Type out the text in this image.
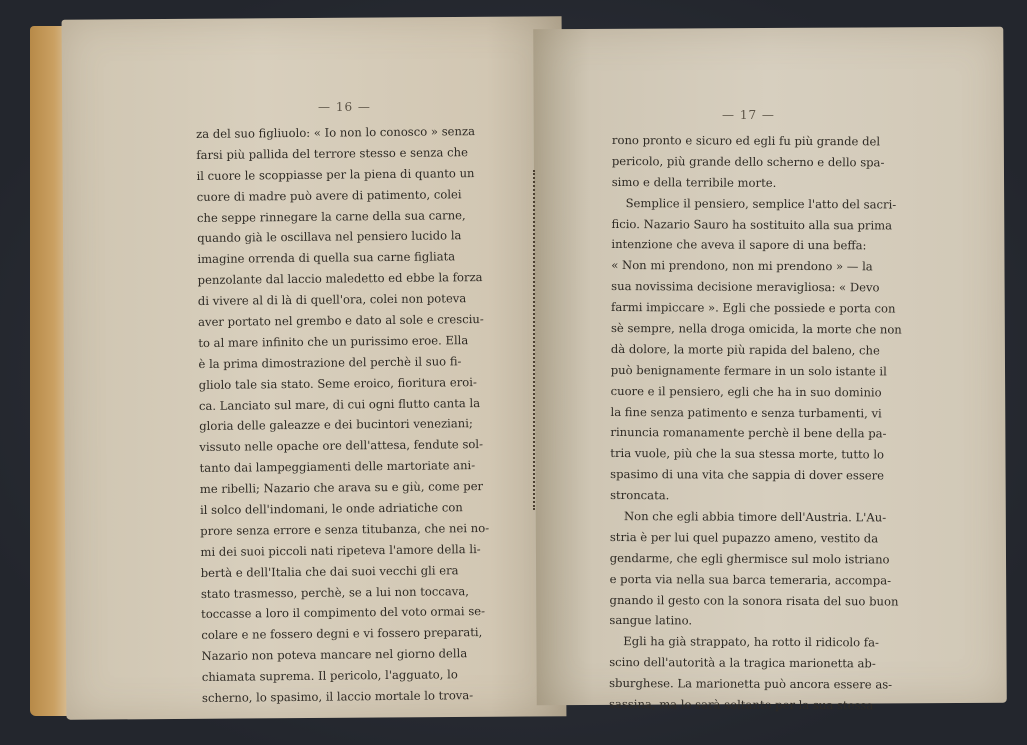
— 16 —
— 17 —
za del suo figliuolo: « Io non lo conosco » senza
farsi più pallida del terrore stesso e senza che
il cuore le scoppiasse per la piena di quanto un
cuore di madre può avere di patimento, colei
che seppe rinnegare la carne della sua carne,
quando già le oscillava nel pensiero lucido la
imagine orrenda di quella sua carne figliata
penzolante dal laccio maledetto ed ebbe la forza
di vivere al di là di quell'ora, colei non poteva
aver portato nel grembo e dato al sole e cresciu-
to al mare infinito che un purissimo eroe. Ella
è la prima dimostrazione del perchè il suo fi-
gliolo tale sia stato. Seme eroico, fioritura eroi-
ca. Lanciato sul mare, di cui ogni flutto canta la
gloria delle galeazze e dei bucintori veneziani;
vissuto nelle opache ore dell'attesa, fendute sol-
tanto dai lampeggiamenti delle martoriate ani-
me ribelli; Nazario che arava su e giù, come per
il solco dell'indomani, le onde adriatiche con
prore senza errore e senza titubanza, che nei no-
mi dei suoi piccoli nati ripeteva l'amore della li-
bertà e dell'Italia che dai suoi vecchi gli era
stato trasmesso, perchè, se a lui non toccava,
toccasse a loro il compimento del voto ormai se-
colare e ne fossero degni e vi fossero preparati,
Nazario non poteva mancare nel giorno della
chiamata suprema. Il pericolo, l'agguato, lo
scherno, lo spasimo, il laccio mortale lo trova-
rono pronto e sicuro ed egli fu più grande del
pericolo, più grande dello scherno e dello spa-
simo e della terribile morte.
Semplice il pensiero, semplice l'atto del sacri-
ficio. Nazario Sauro ha sostituito alla sua prima
intenzione che aveva il sapore di una beffa:
« Non mi prendono, non mi prendono » — la
sua novissima decisione meravigliosa: « Devo
farmi impiccare ». Egli che possiede e porta con
sè sempre, nella droga omicida, la morte che non
dà dolore, la morte più rapida del baleno, che
può benignamente fermare in un solo istante il
cuore e il pensiero, egli che ha in suo dominio
la fine senza patimento e senza turbamenti, vi
rinuncia romanamente perchè il bene della pa-
tria vuole, più che la sua stessa morte, tutto lo
spasimo di una vita che sappia di dover essere
stroncata.
Non che egli abbia timore dell'Austria. L'Au-
stria è per lui quel pupazzo ameno, vestito da
gendarme, che egli ghermisce sul molo istriano
e porta via nella sua barca temeraria, accompa-
gnando il gesto con la sonora risata del suo buon
sangue latino.
Egli ha già strappato, ha rotto il ridicolo fa-
scino dell'autorità a la tragica marionetta ab-
sburghese. La marionetta può ancora essere as-
sassina, ma lo sarà soltanto per la sua stessa
